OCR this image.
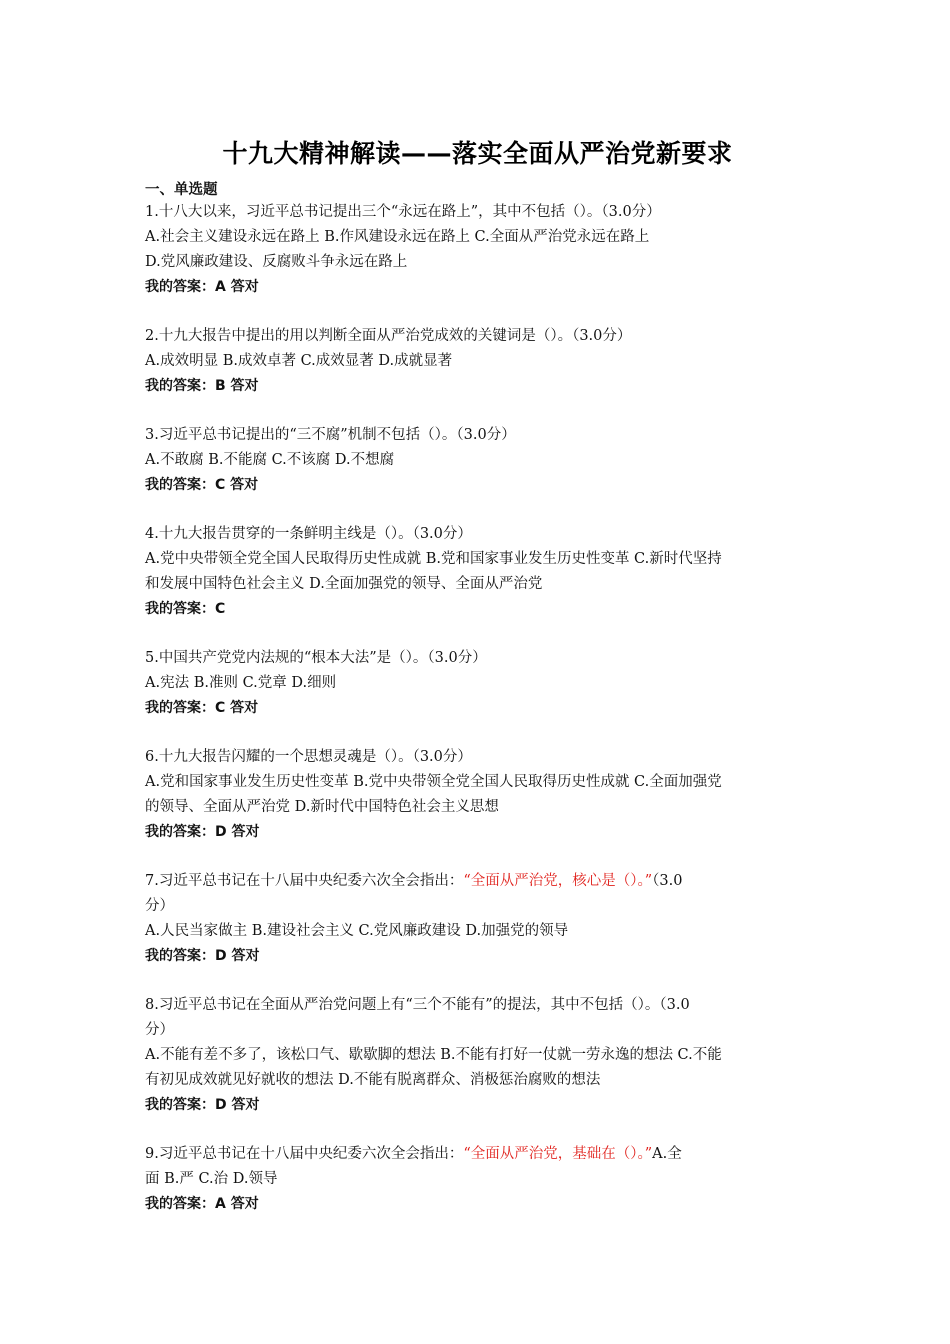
十九大精神解读——落实全面从严治党新要求
一、单选题
1.十八大以来，习近平总书记提出三个“永远在路上”，其中不包括（）。（3.0分）
A.社会主义建设永远在路上 B.作风建设永远在路上 C.全面从严治党永远在路上
D.党风廉政建设、反腐败斗争永远在路上
我的答案：A 答对
2.十九大报告中提出的用以判断全面从严治党成效的关键词是（）。（3.0分）
A.成效明显 B.成效卓著 C.成效显著 D.成就显著
我的答案：B 答对
3.习近平总书记提出的“三不腐”机制不包括（）。（3.0分）
A.不敢腐 B.不能腐 C.不该腐 D.不想腐
我的答案：C 答对
4.十九大报告贯穿的一条鲜明主线是（）。（3.0分）
A.党中央带领全党全国人民取得历史性成就 B.党和国家事业发生历史性变革 C.新时代坚持
和发展中国特色社会主义 D.全面加强党的领导、全面从严治党
我的答案：C
5.中国共产党党内法规的“根本大法”是（）。（3.0分）
A.宪法 B.准则 C.党章 D.细则
我的答案：C 答对
6.十九大报告闪耀的一个思想灵魂是（）。（3.0分）
A.党和国家事业发生历史性变革 B.党中央带领全党全国人民取得历史性成就 C.全面加强党
的领导、全面从严治党 D.新时代中国特色社会主义思想
我的答案：D 答对
7.习近平总书记在十八届中央纪委六次全会指出：“全面从严治党，核心是（）。”（3.0
分）
A.人民当家做主 B.建设社会主义 C.党风廉政建设 D.加强党的领导
我的答案：D 答对
8.习近平总书记在全面从严治党问题上有“三个不能有”的提法，其中不包括（）。（3.0
分）
A.不能有差不多了，该松口气、歇歇脚的想法 B.不能有打好一仗就一劳永逸的想法 C.不能
有初见成效就见好就收的想法 D.不能有脱离群众、消极惩治腐败的想法
我的答案：D 答对
9.习近平总书记在十八届中央纪委六次全会指出：“全面从严治党，基础在（）。”A.全
面 B.严 C.治 D.领导
我的答案：A 答对
